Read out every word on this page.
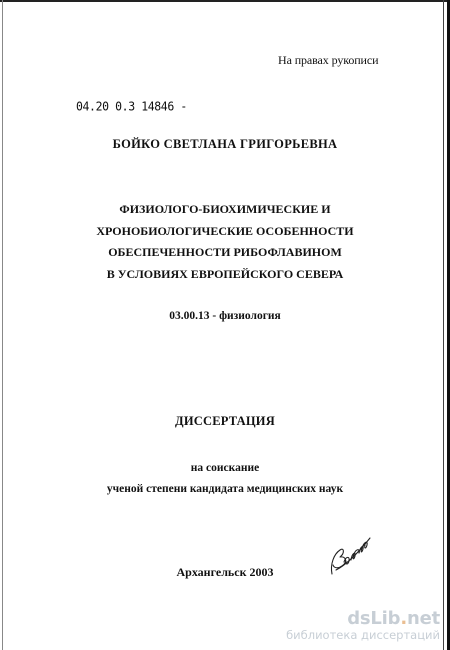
На правах рукописи
04.20 0.3 14846 -
БОЙКО СВЕТЛАНА ГРИГОРЬЕВНА
ФИЗИОЛОГО-БИОХИМИЧЕСКИЕ И
ХРОНОБИОЛОГИЧЕСКИЕ ОСОБЕННОСТИ
ОБЕСПЕЧЕННОСТИ РИБОФЛАВИНОМ
В УСЛОВИЯХ ЕВРОПЕЙСКОГО СЕВЕРА
03.00.13 - физиология
ДИССЕРТАЦИЯ
на соискание
ученой степени кандидата медицинских наук
Архангельск 2003
dsLib.net
библиотека диссертаций
